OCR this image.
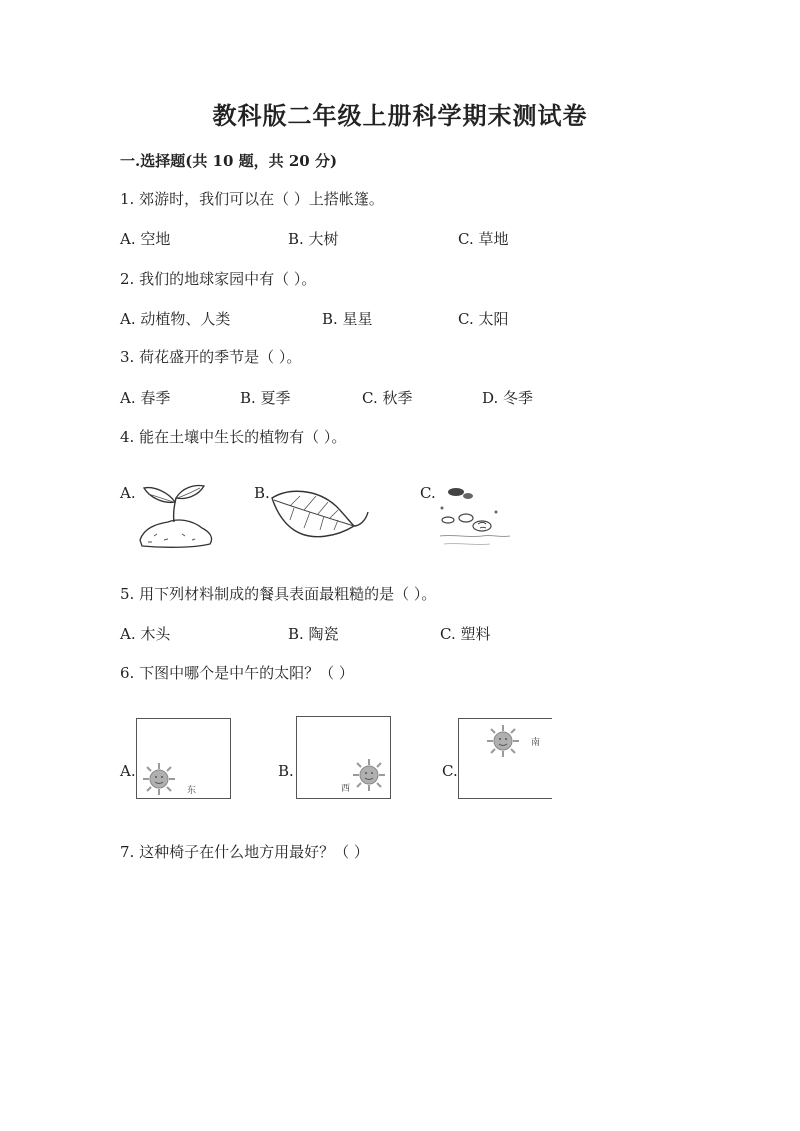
教科版二年级上册科学期末测试卷
一.选择题(共 10 题，共 20 分)
1. 郊游时，我们可以在（ ）上搭帐篷。
A. 空地	B. 大树	C. 草地
2. 我们的地球家园中有（ ）。
A. 动植物、人类	B. 星星	C. 太阳
3. 荷花盛开的季节是（ ）。
A. 春季	B. 夏季	C. 秋季	D. 冬季
4. 能在土壤中生长的植物有（ ）。
A.	B.	C.
5. 用下列材料制成的餐具表面最粗糙的是（ ）。
A. 木头	B. 陶瓷	C. 塑料
6. 下图中哪个是中午的太阳？（ ）
A.	B.	C.
东	西
南
7. 这种椅子在什么地方用最好？（ ）
